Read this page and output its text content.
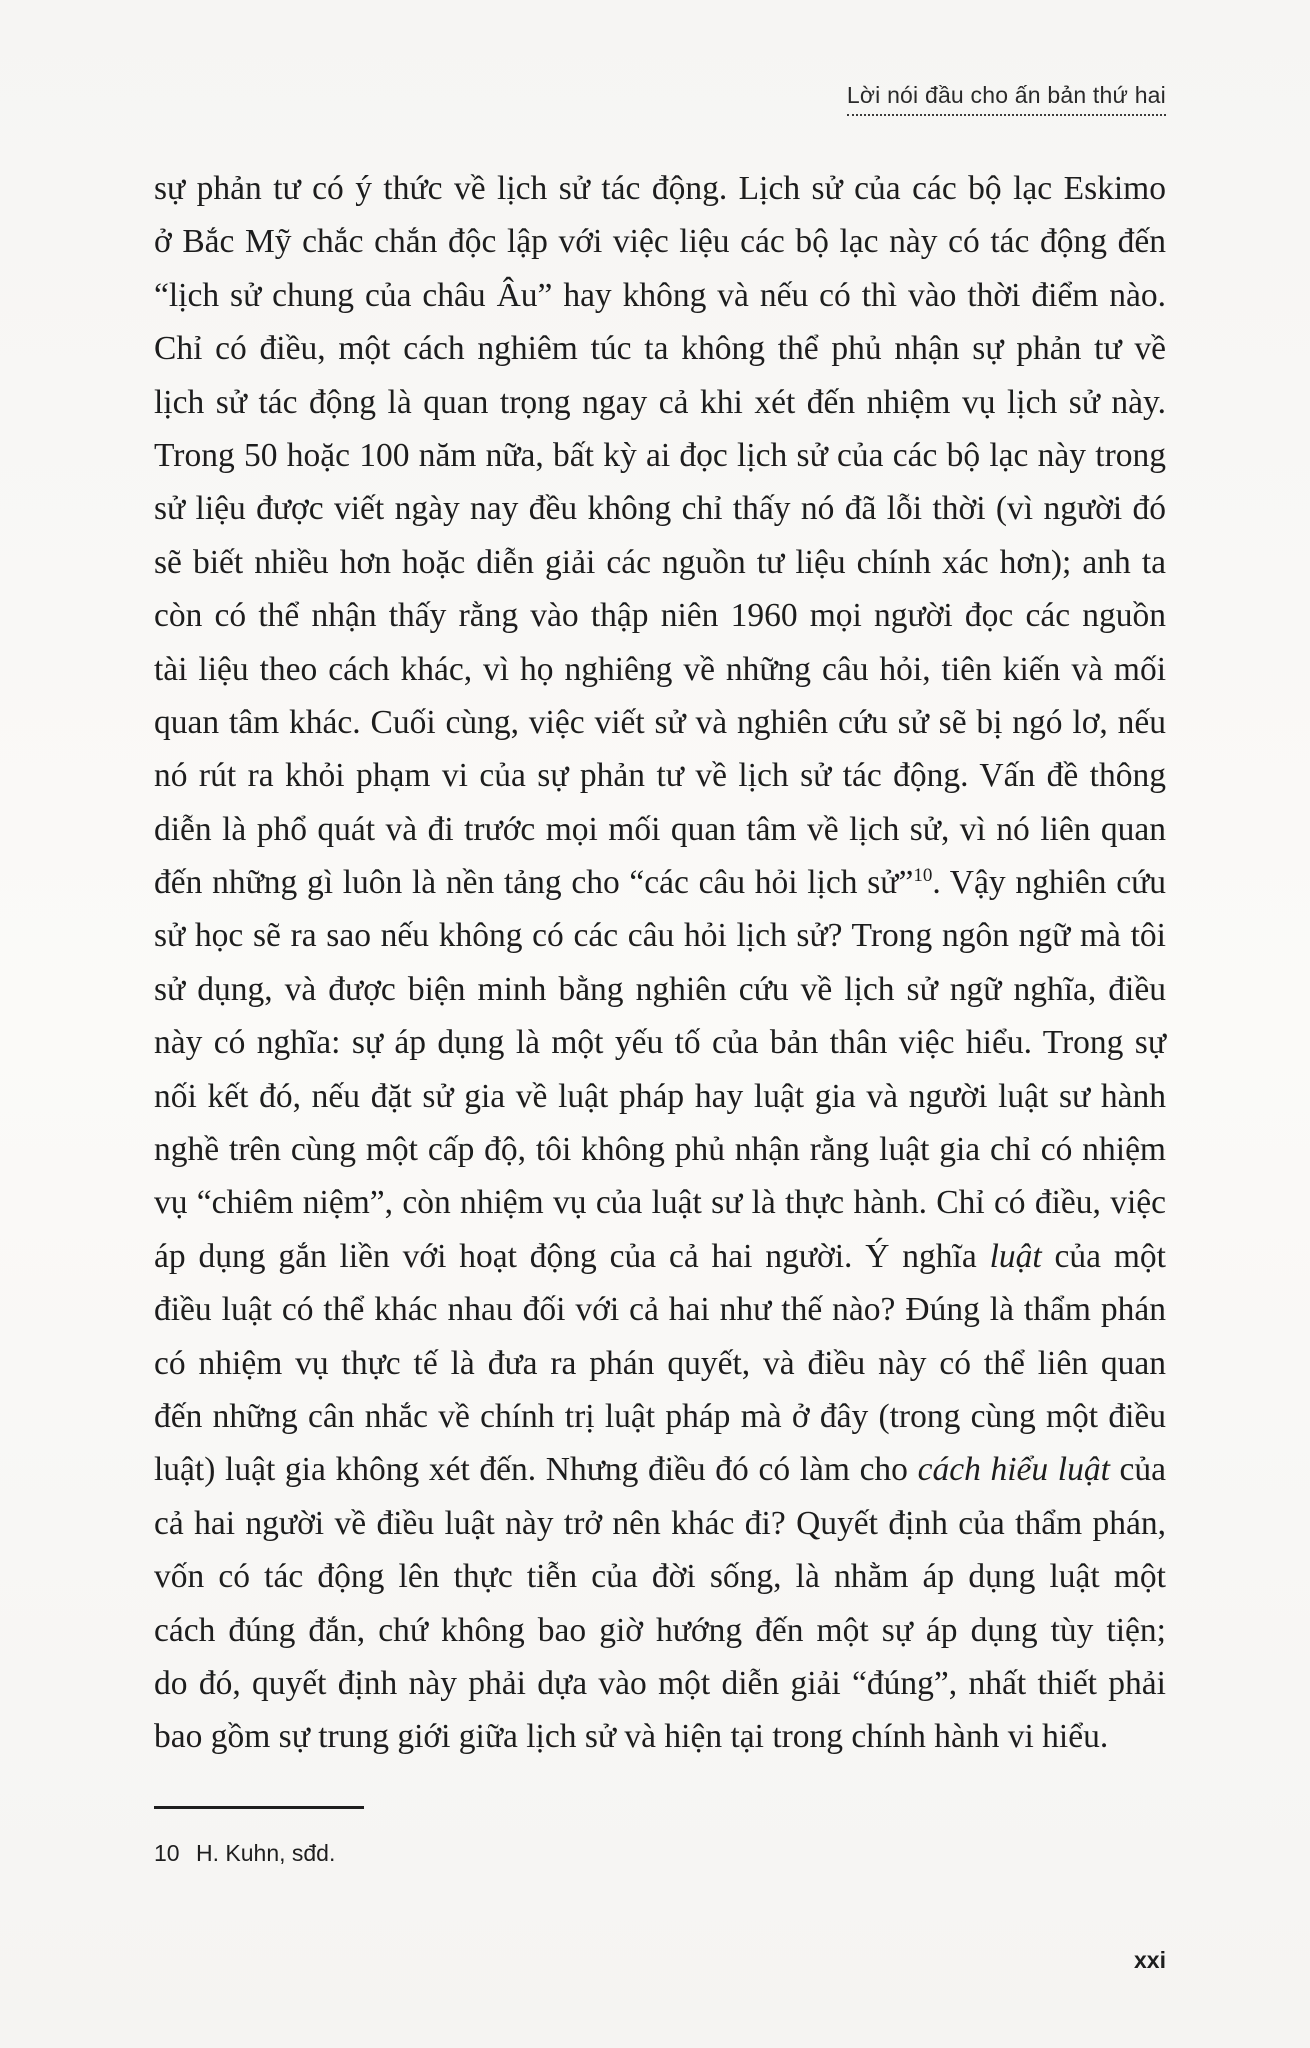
Lời nói đầu cho ấn bản thứ hai
sự phản tư có ý thức về lịch sử tác động. Lịch sử của các bộ lạc Eskimo
ở Bắc Mỹ chắc chắn độc lập với việc liệu các bộ lạc này có tác động đến
“lịch sử chung của châu Âu” hay không và nếu có thì vào thời điểm nào.
Chỉ có điều, một cách nghiêm túc ta không thể phủ nhận sự phản tư về
lịch sử tác động là quan trọng ngay cả khi xét đến nhiệm vụ lịch sử này.
Trong 50 hoặc 100 năm nữa, bất kỳ ai đọc lịch sử của các bộ lạc này trong
sử liệu được viết ngày nay đều không chỉ thấy nó đã lỗi thời (vì người đó
sẽ biết nhiều hơn hoặc diễn giải các nguồn tư liệu chính xác hơn); anh ta
còn có thể nhận thấy rằng vào thập niên 1960 mọi người đọc các nguồn
tài liệu theo cách khác, vì họ nghiêng về những câu hỏi, tiên kiến và mối
quan tâm khác. Cuối cùng, việc viết sử và nghiên cứu sử sẽ bị ngó lơ, nếu
nó rút ra khỏi phạm vi của sự phản tư về lịch sử tác động. Vấn đề thông
diễn là phổ quát và đi trước mọi mối quan tâm về lịch sử, vì nó liên quan
đến những gì luôn là nền tảng cho “các câu hỏi lịch sử”$^{10}$. Vậy nghiên cứu
sử học sẽ ra sao nếu không có các câu hỏi lịch sử? Trong ngôn ngữ mà tôi
sử dụng, và được biện minh bằng nghiên cứu về lịch sử ngữ nghĩa, điều
này có nghĩa: sự áp dụng là một yếu tố của bản thân việc hiểu. Trong sự
nối kết đó, nếu đặt sử gia về luật pháp hay luật gia và người luật sư hành
nghề trên cùng một cấp độ, tôi không phủ nhận rằng luật gia chỉ có nhiệm
vụ “chiêm niệm”, còn nhiệm vụ của luật sư là thực hành. Chỉ có điều, việc
áp dụng gắn liền với hoạt động của cả hai người. Ý nghĩa luật của một
điều luật có thể khác nhau đối với cả hai như thế nào? Đúng là thẩm phán
có nhiệm vụ thực tế là đưa ra phán quyết, và điều này có thể liên quan
đến những cân nhắc về chính trị luật pháp mà ở đây (trong cùng một điều
luật) luật gia không xét đến. Nhưng điều đó có làm cho cách hiểu luật của
cả hai người về điều luật này trở nên khác đi? Quyết định của thẩm phán,
vốn có tác động lên thực tiễn của đời sống, là nhằm áp dụng luật một
cách đúng đắn, chứ không bao giờ hướng đến một sự áp dụng tùy tiện;
do đó, quyết định này phải dựa vào một diễn giải “đúng”, nhất thiết phải
bao gồm sự trung giới giữa lịch sử và hiện tại trong chính hành vi hiểu.
10 H. Kuhn, sđd.
xxi
